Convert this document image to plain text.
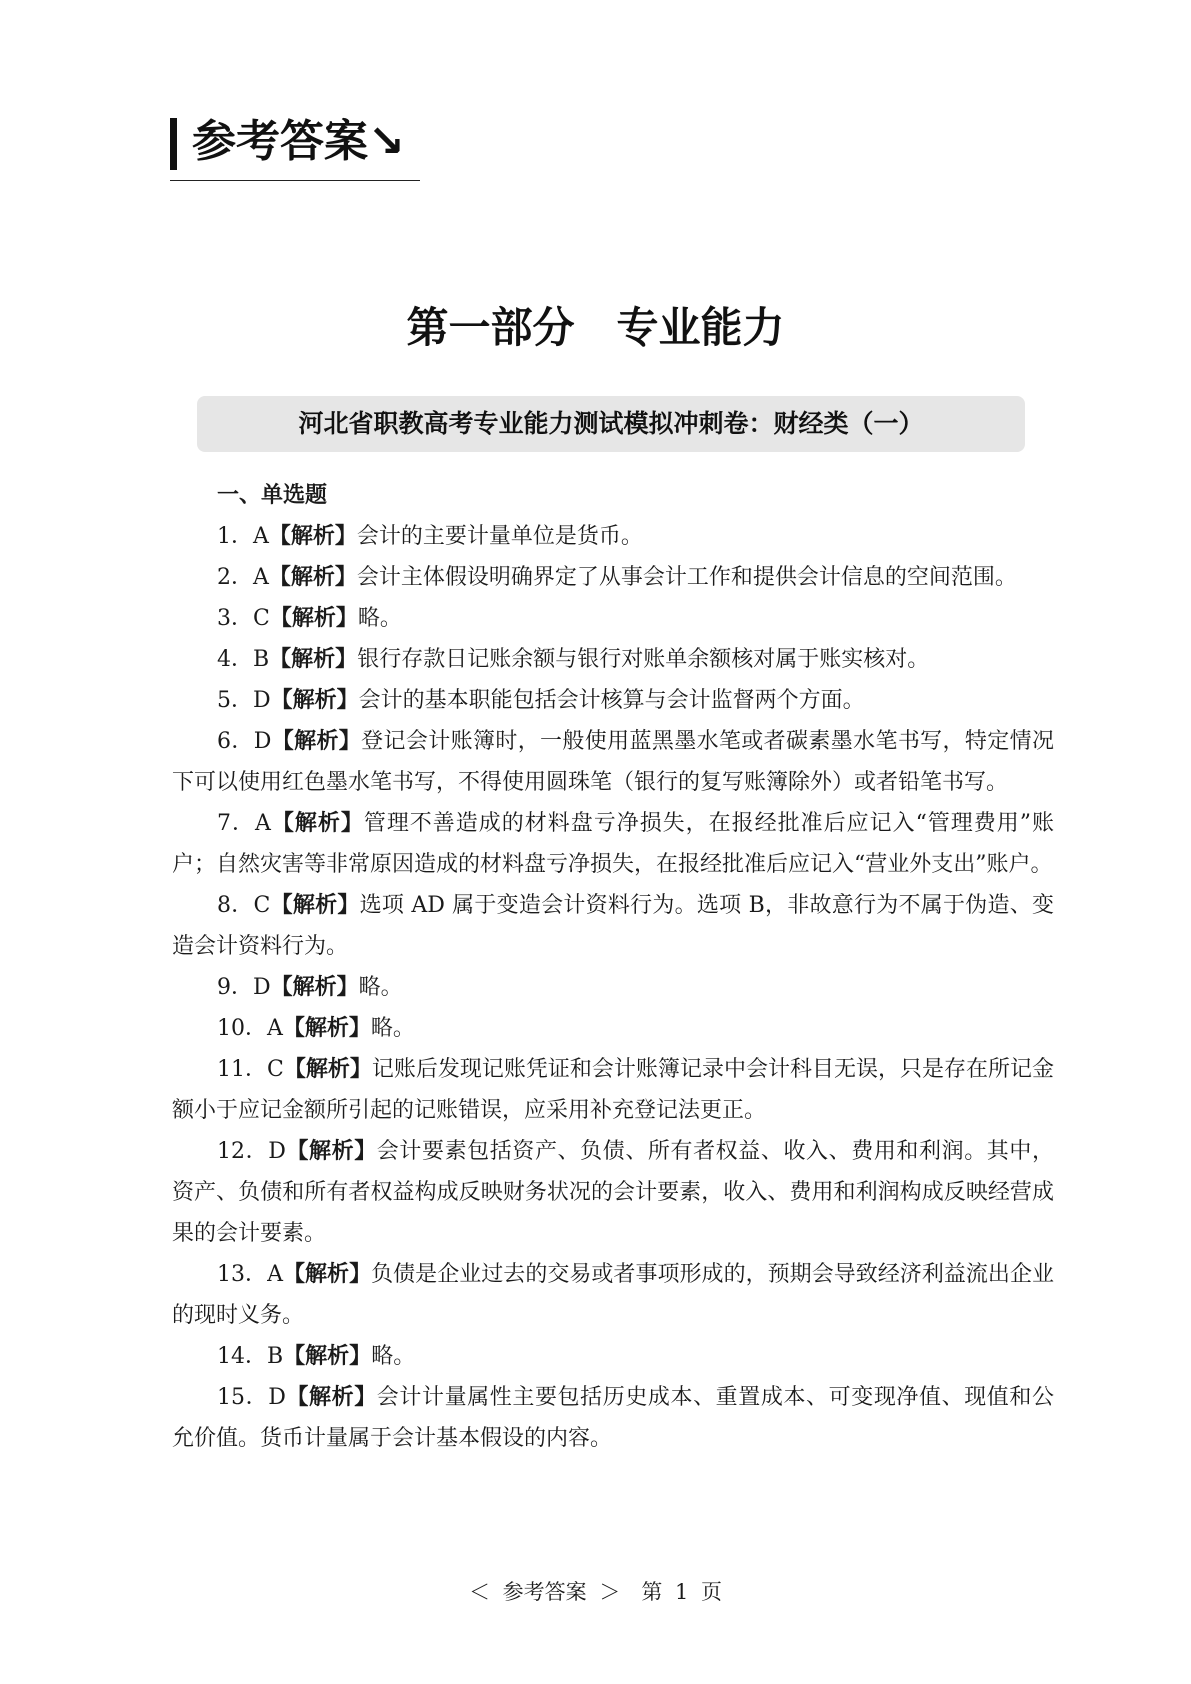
参考答案↘
第一部分　专业能力
河北省职教高考专业能力测试模拟冲刺卷：财经类（一）

一、单选题

1．A【解析】会计的主要计量单位是货币。

2．A【解析】会计主体假设明确界定了从事会计工作和提供会计信息的空间范围。

3．C【解析】略。

4．B【解析】银行存款日记账余额与银行对账单余额核对属于账实核对。

5．D【解析】会计的基本职能包括会计核算与会计监督两个方面。

6．D【解析】登记会计账簿时，一般使用蓝黑墨水笔或者碳素墨水笔书写，特定情况下可以使用红色墨水笔书写，不得使用圆珠笔（银行的复写账簿除外）或者铅笔书写。

7．A【解析】管理不善造成的材料盘亏净损失，在报经批准后应记入“管理费用”账户；自然灾害等非常原因造成的材料盘亏净损失，在报经批准后应记入“营业外支出”账户。

8．C【解析】选项 AD 属于变造会计资料行为。选项 B，非故意行为不属于伪造、变造会计资料行为。

9．D【解析】略。

10．A【解析】略。

11．C【解析】记账后发现记账凭证和会计账簿记录中会计科目无误，只是存在所记金额小于应记金额所引起的记账错误，应采用补充登记法更正。

12．D【解析】会计要素包括资产、负债、所有者权益、收入、费用和利润。其中，资产、负债和所有者权益构成反映财务状况的会计要素，收入、费用和利润构成反映经营成果的会计要素。

13．A【解析】负债是企业过去的交易或者事项形成的，预期会导致经济利益流出企业的现时义务。

14．B【解析】略。

15．D【解析】会计计量属性主要包括历史成本、重置成本、可变现净值、现值和公允价值。货币计量属于会计基本假设的内容。

＜ 参考答案 ＞　第 1 页
